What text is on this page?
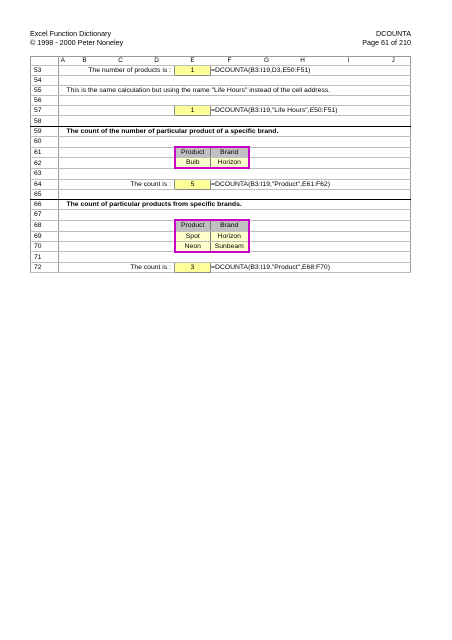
Excel Function Dictionary
© 1998 - 2000 Peter Noneley
DCOUNTA
Page 61 of 210
	A	B	C	D	E	F	G	H	I	J
53		The number of products is :			1	=DCOUNTA(B3:I19,D3,E50:F51)				
54										
55		This is the same calculation but using the name "Life Hours" instead of the cell address.								
56										
57					1	=DCOUNTA(B3:I19,"Life Hours",E50:F51)				
58										
59		The count of the number of particular product of a specific brand.								
60										
61					Product	Brand				
62					Bulb	Horizon				
63										
64		The count is :			5	=DCOUNTA(B3:I19,"Product",E61:F62)				
65										
66		The count of particular products from specific brands.								
67										
68					Product	Brand				
69					Spot	Horizon				
70					Neon	Sunbeam				
71										
72		The count is :			3	=DCOUNTA(B3:I19,"Product",E68:F70)				
